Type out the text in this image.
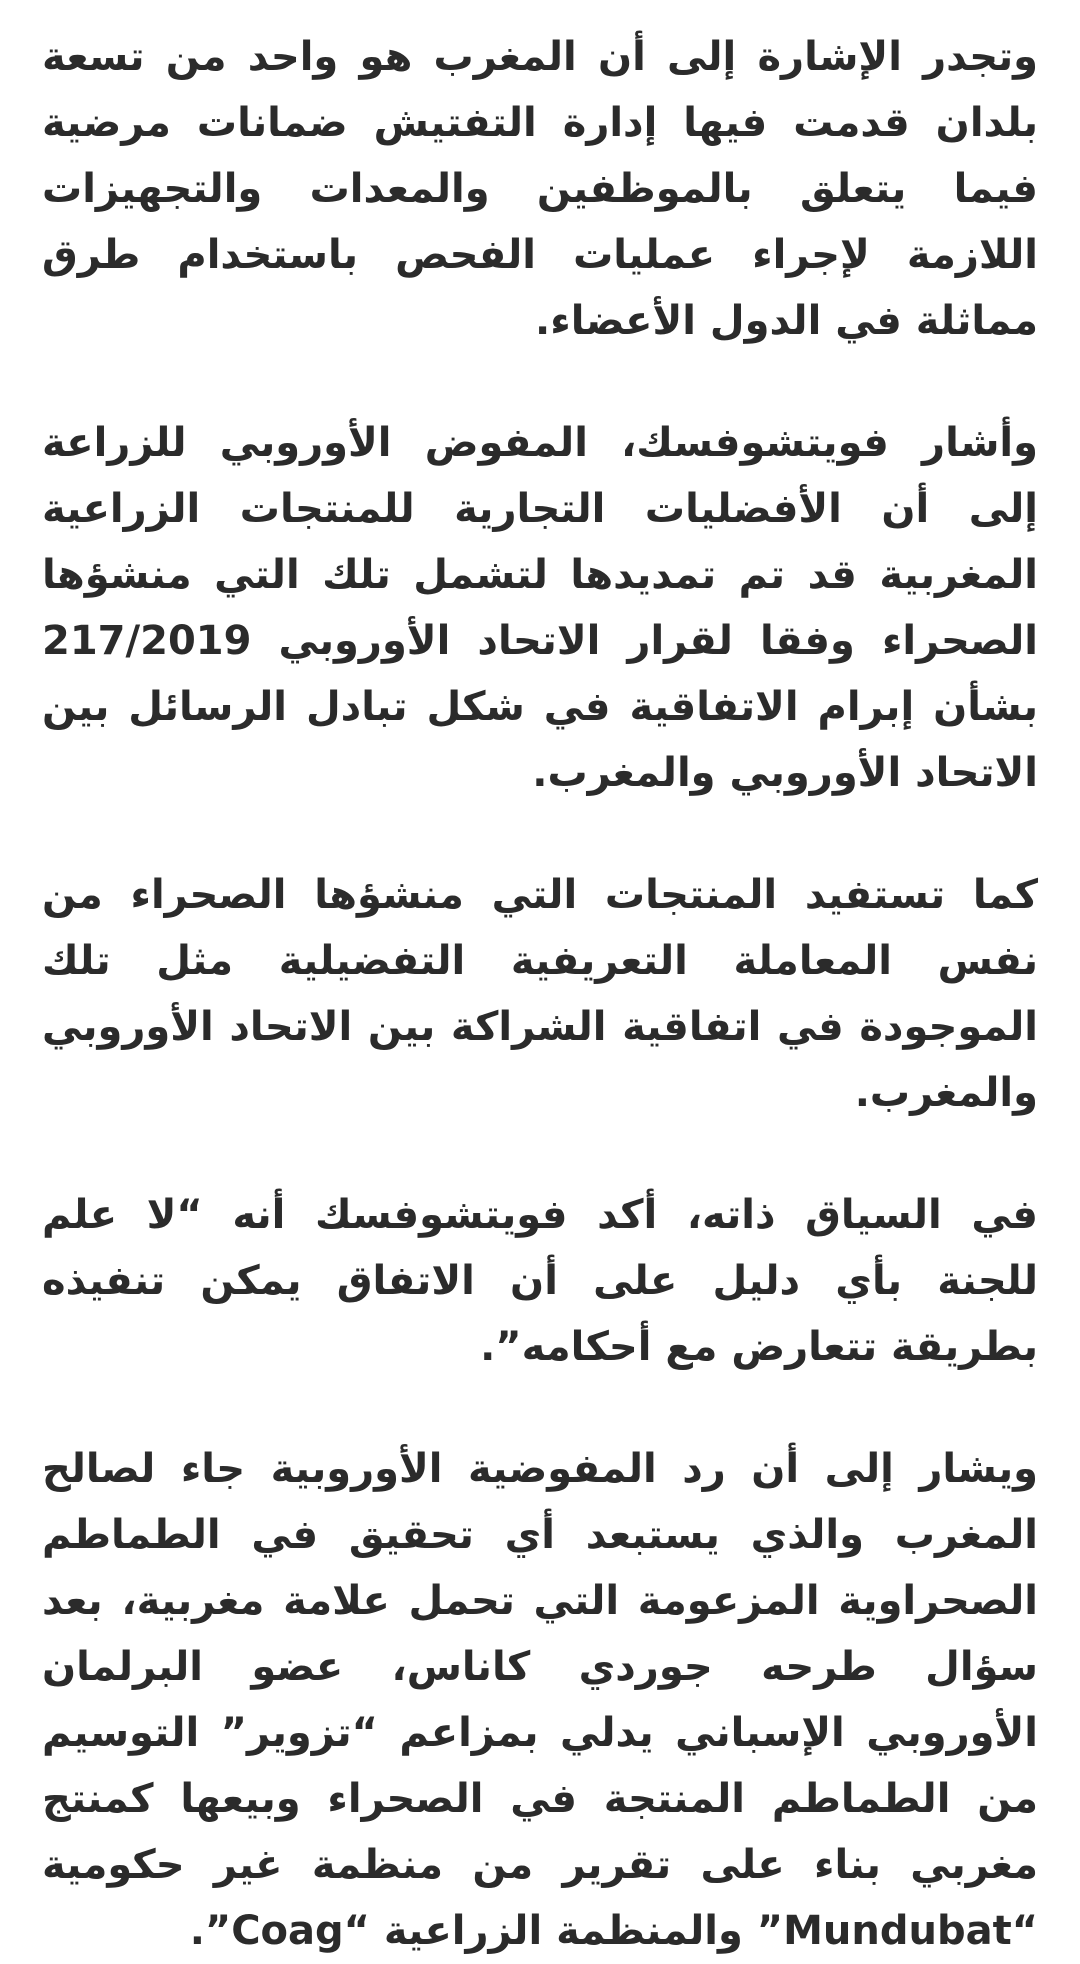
وتجدر الإشارة إلى أن المغرب هو واحد من تسعة بلدان قدمت فيها إدارة التفتيش ضمانات مرضية فيما يتعلق بالموظفين والمعدات والتجهيزات اللازمة لإجراء عمليات الفحص باستخدام طرق مماثلة في الدول الأعضاء.

وأشار فويتشوفسك، المفوض الأوروبي للزراعة إلى أن الأفضليات التجارية للمنتجات الزراعية المغربية قد تم تمديدها لتشمل تلك التي منشؤها الصحراء وفقا لقرار الاتحاد الأوروبي 217/2019 بشأن إبرام الاتفاقية في شكل تبادل الرسائل بين الاتحاد الأوروبي والمغرب.

كما تستفيد المنتجات التي منشؤها الصحراء من نفس المعاملة التعريفية التفضيلية مثل تلك الموجودة في اتفاقية الشراكة بين الاتحاد الأوروبي والمغرب.

في السياق ذاته، أكد فويتشوفسك أنه “لا علم للجنة بأي دليل على أن الاتفاق يمكن تنفيذه بطريقة تتعارض مع أحكامه”.

ويشار إلى أن رد المفوضية الأوروبية جاء لصالح المغرب والذي يستبعد أي تحقيق في الطماطم الصحراوية المزعومة التي تحمل علامة مغربية، بعد سؤال طرحه جوردي كاناس، عضو البرلمان الأوروبي الإسباني يدلي بمزاعم “تزوير” التوسيم من الطماطم المنتجة في الصحراء وبيعها كمنتج مغربي بناء على تقرير من منظمة غير حكومية “Mundubat” والمنظمة الزراعية “Coag”.
